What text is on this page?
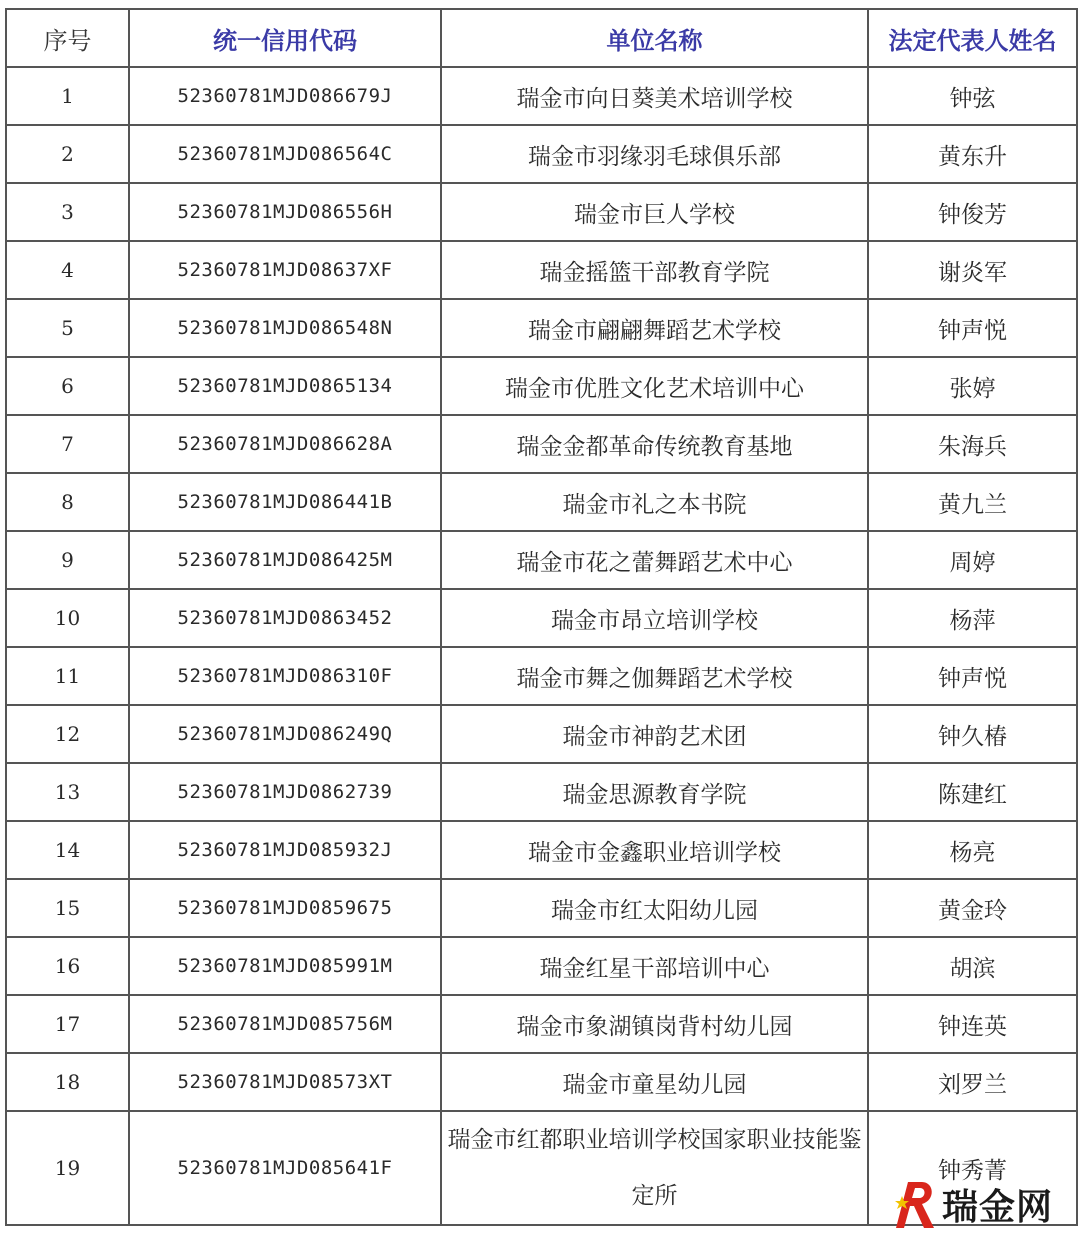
序号	统一信用代码	单位名称	法定代表人姓名
1	52360781MJD086679J	瑞金市向日葵美术培训学校	钟弦
2	52360781MJD086564C	瑞金市羽缘羽毛球俱乐部	黄东升
3	52360781MJD086556H	瑞金市巨人学校	钟俊芳
4	52360781MJD08637XF	瑞金摇篮干部教育学院	谢炎军
5	52360781MJD086548N	瑞金市翩翩舞蹈艺术学校	钟声悦
6	52360781MJD0865134	瑞金市优胜文化艺术培训中心	张婷
7	52360781MJD086628A	瑞金金都革命传统教育基地	朱海兵
8	52360781MJD086441B	瑞金市礼之本书院	黄九兰
9	52360781MJD086425M	瑞金市花之蕾舞蹈艺术中心	周婷
10	52360781MJD0863452	瑞金市昂立培训学校	杨萍
11	52360781MJD086310F	瑞金市舞之伽舞蹈艺术学校	钟声悦
12	52360781MJD086249Q	瑞金市神韵艺术团	钟久椿
13	52360781MJD0862739	瑞金思源教育学院	陈建红
14	52360781MJD085932J	瑞金市金鑫职业培训学校	杨亮
15	52360781MJD0859675	瑞金市红太阳幼儿园	黄金玲
16	52360781MJD085991M	瑞金红星干部培训中心	胡滨
17	52360781MJD085756M	瑞金市象湖镇岗背村幼儿园	钟连英
18	52360781MJD08573XT	瑞金市童星幼儿园	刘罗兰
19	52360781MJD085641F	瑞金市红都职业培训学校国家职业技能鉴定所	钟秀菁
瑞金网
